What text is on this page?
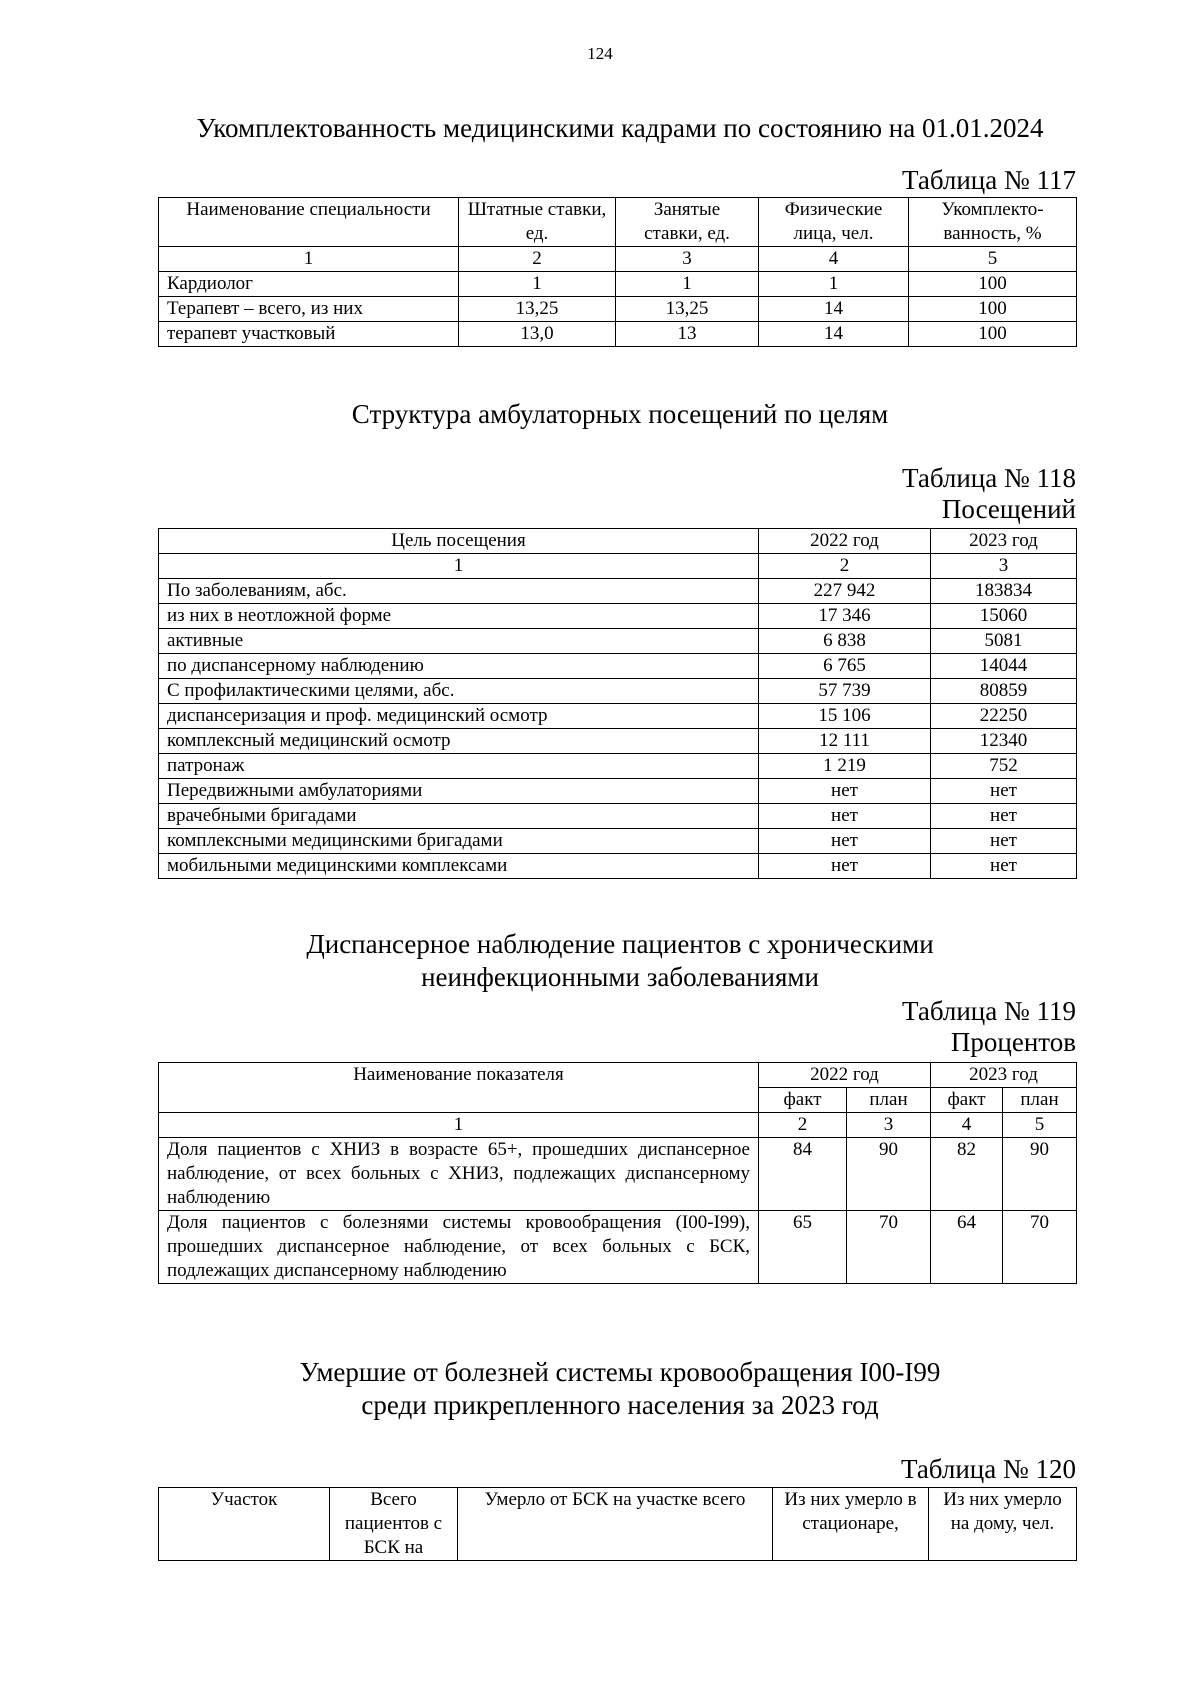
124
Укомплектованность медицинскими кадрами по состоянию на 01.01.2024
Таблица № 117
Наименование специальности	Штатные ставки, ед.	Занятые ставки, ед.	Физические лица, чел.	Укомплекто-ванность, %
1	2	3	4	5
Кардиолог	1	1	1	100
Терапевт – всего, из них	13,25	13,25	14	100
терапевт участковый	13,0	13	14	100
Структура амбулаторных посещений по целям
Таблица № 118
Посещений
Цель посещения	2022 год	2023 год
1	2	3
По заболеваниям, абс.	227 942	183834
из них в неотложной форме	17 346	15060
активные	6 838	5081
по диспансерному наблюдению	6 765	14044
С профилактическими целями, абс.	57 739	80859
диспансеризация и проф. медицинский осмотр	15 106	22250
комплексный медицинский осмотр	12 111	12340
патронаж	1 219	752
Передвижными амбулаториями	нет	нет
врачебными бригадами	нет	нет
комплексными медицинскими бригадами	нет	нет
мобильными медицинскими комплексами	нет	нет
Диспансерное наблюдение пациентов с хроническими
неинфекционными заболеваниями
Таблица № 119
Процентов
Наименование показателя	2022 год		2023 год	
	факт	план	факт	план
1	2	3	4	5
Доля пациентов с ХНИЗ в возрасте 65+, прошедших диспансерное наблюдение, от всех больных с ХНИЗ, подлежащих диспансерному наблюдению	84	90	82	90
Доля пациентов с болезнями системы кровообращения (I00-I99), прошедших диспансерное наблюдение, от всех больных с БСК, подлежащих диспансерному наблюдению	65	70	64	70
Умершие от болезней системы кровообращения I00-I99
среди прикрепленного населения за 2023 год
Таблица № 120
Участок	Всего пациентов с БСК на	Умерло от БСК на участке всего	Из них умерло в стационаре,	Из них умерло на дому, чел.
